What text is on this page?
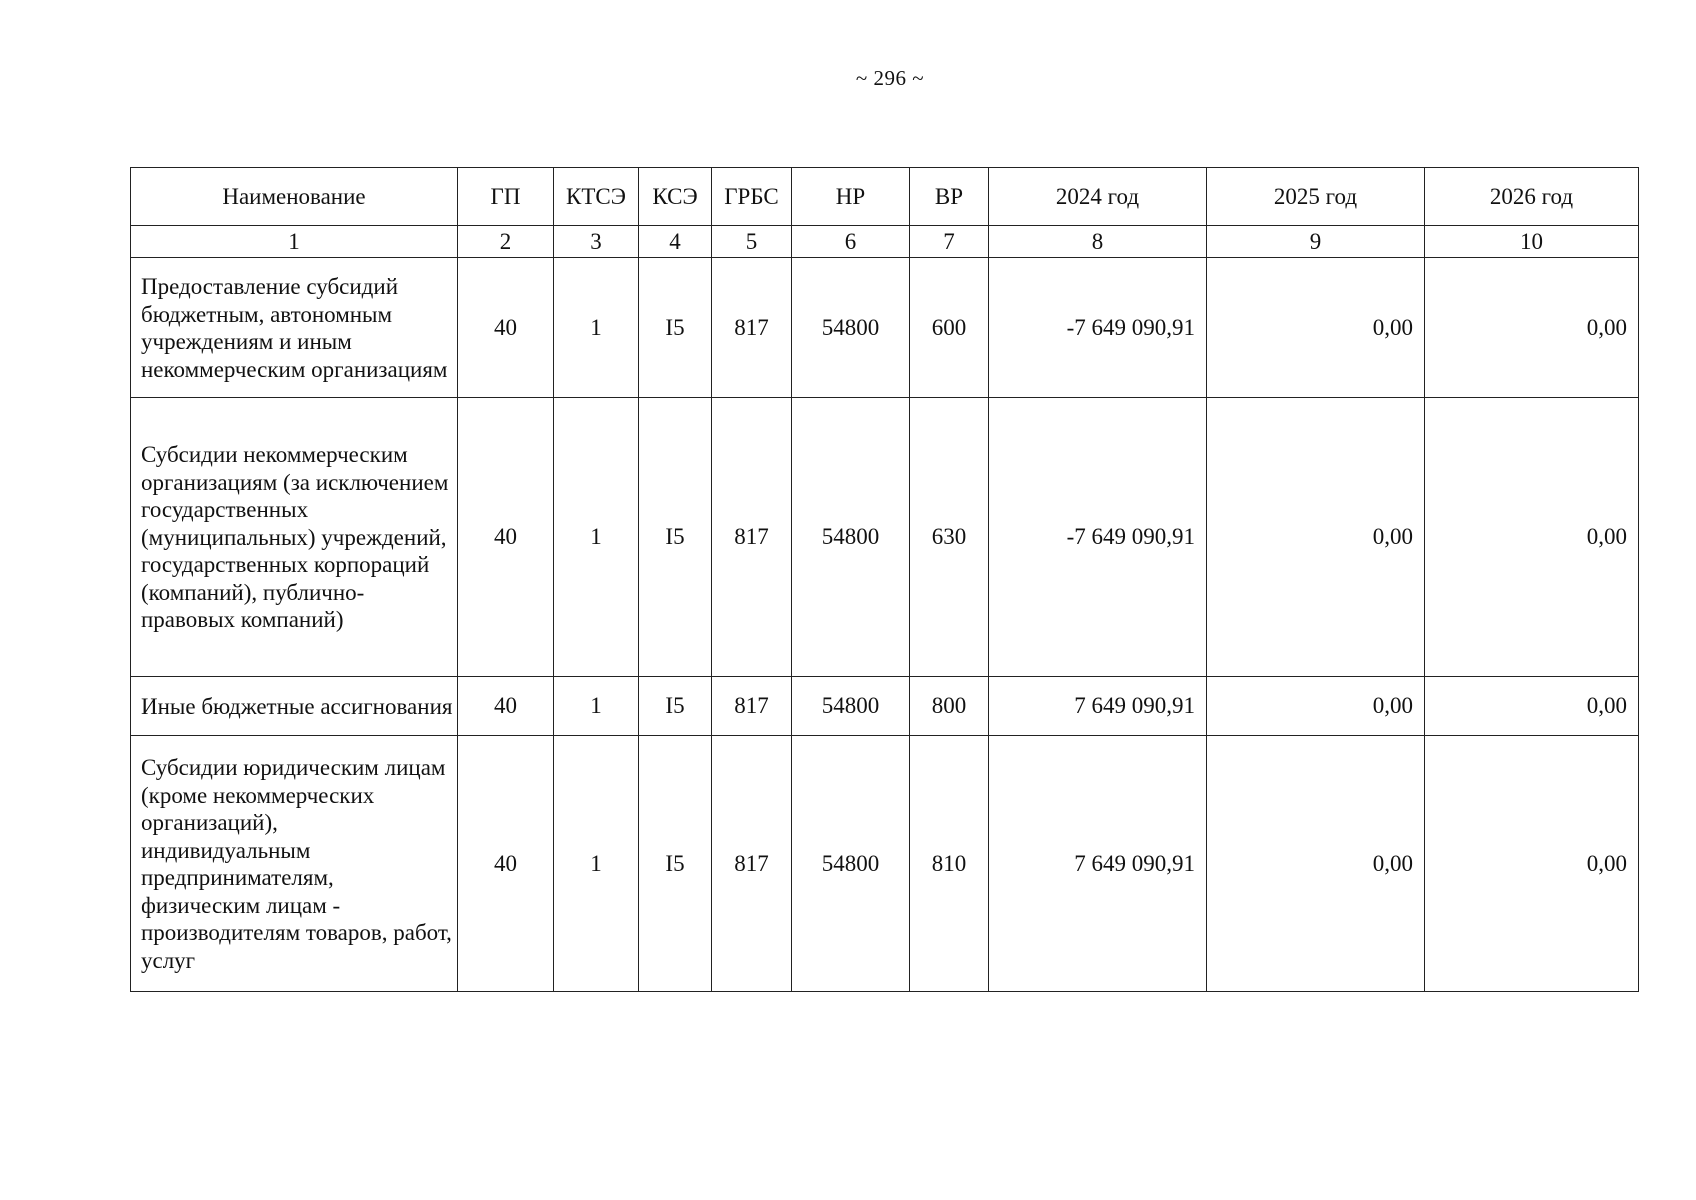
~ 296 ~
Наименование	ГП	КТСЭ	КСЭ	ГРБС	НР	ВР	2024 год	2025 год	2026 год
1	2	3	4	5	6	7	8	9	10
Предоставление субсидий бюджетным, автономным учреждениям и иным некоммерческим организациям	40	1	I5	817	54800	600	-7 649 090,91	0,00	0,00
Субсидии некоммерческим организациям (за исключением государственных (муниципальных) учреждений, государственных корпораций (компаний), публично-правовых компаний)	40	1	I5	817	54800	630	-7 649 090,91	0,00	0,00
Иные бюджетные ассигнования	40	1	I5	817	54800	800	7 649 090,91	0,00	0,00
Субсидии юридическим лицам (кроме некоммерческих организаций), индивидуальным предпринимателям, физическим лицам - производителям товаров, работ, услуг	40	1	I5	817	54800	810	7 649 090,91	0,00	0,00
